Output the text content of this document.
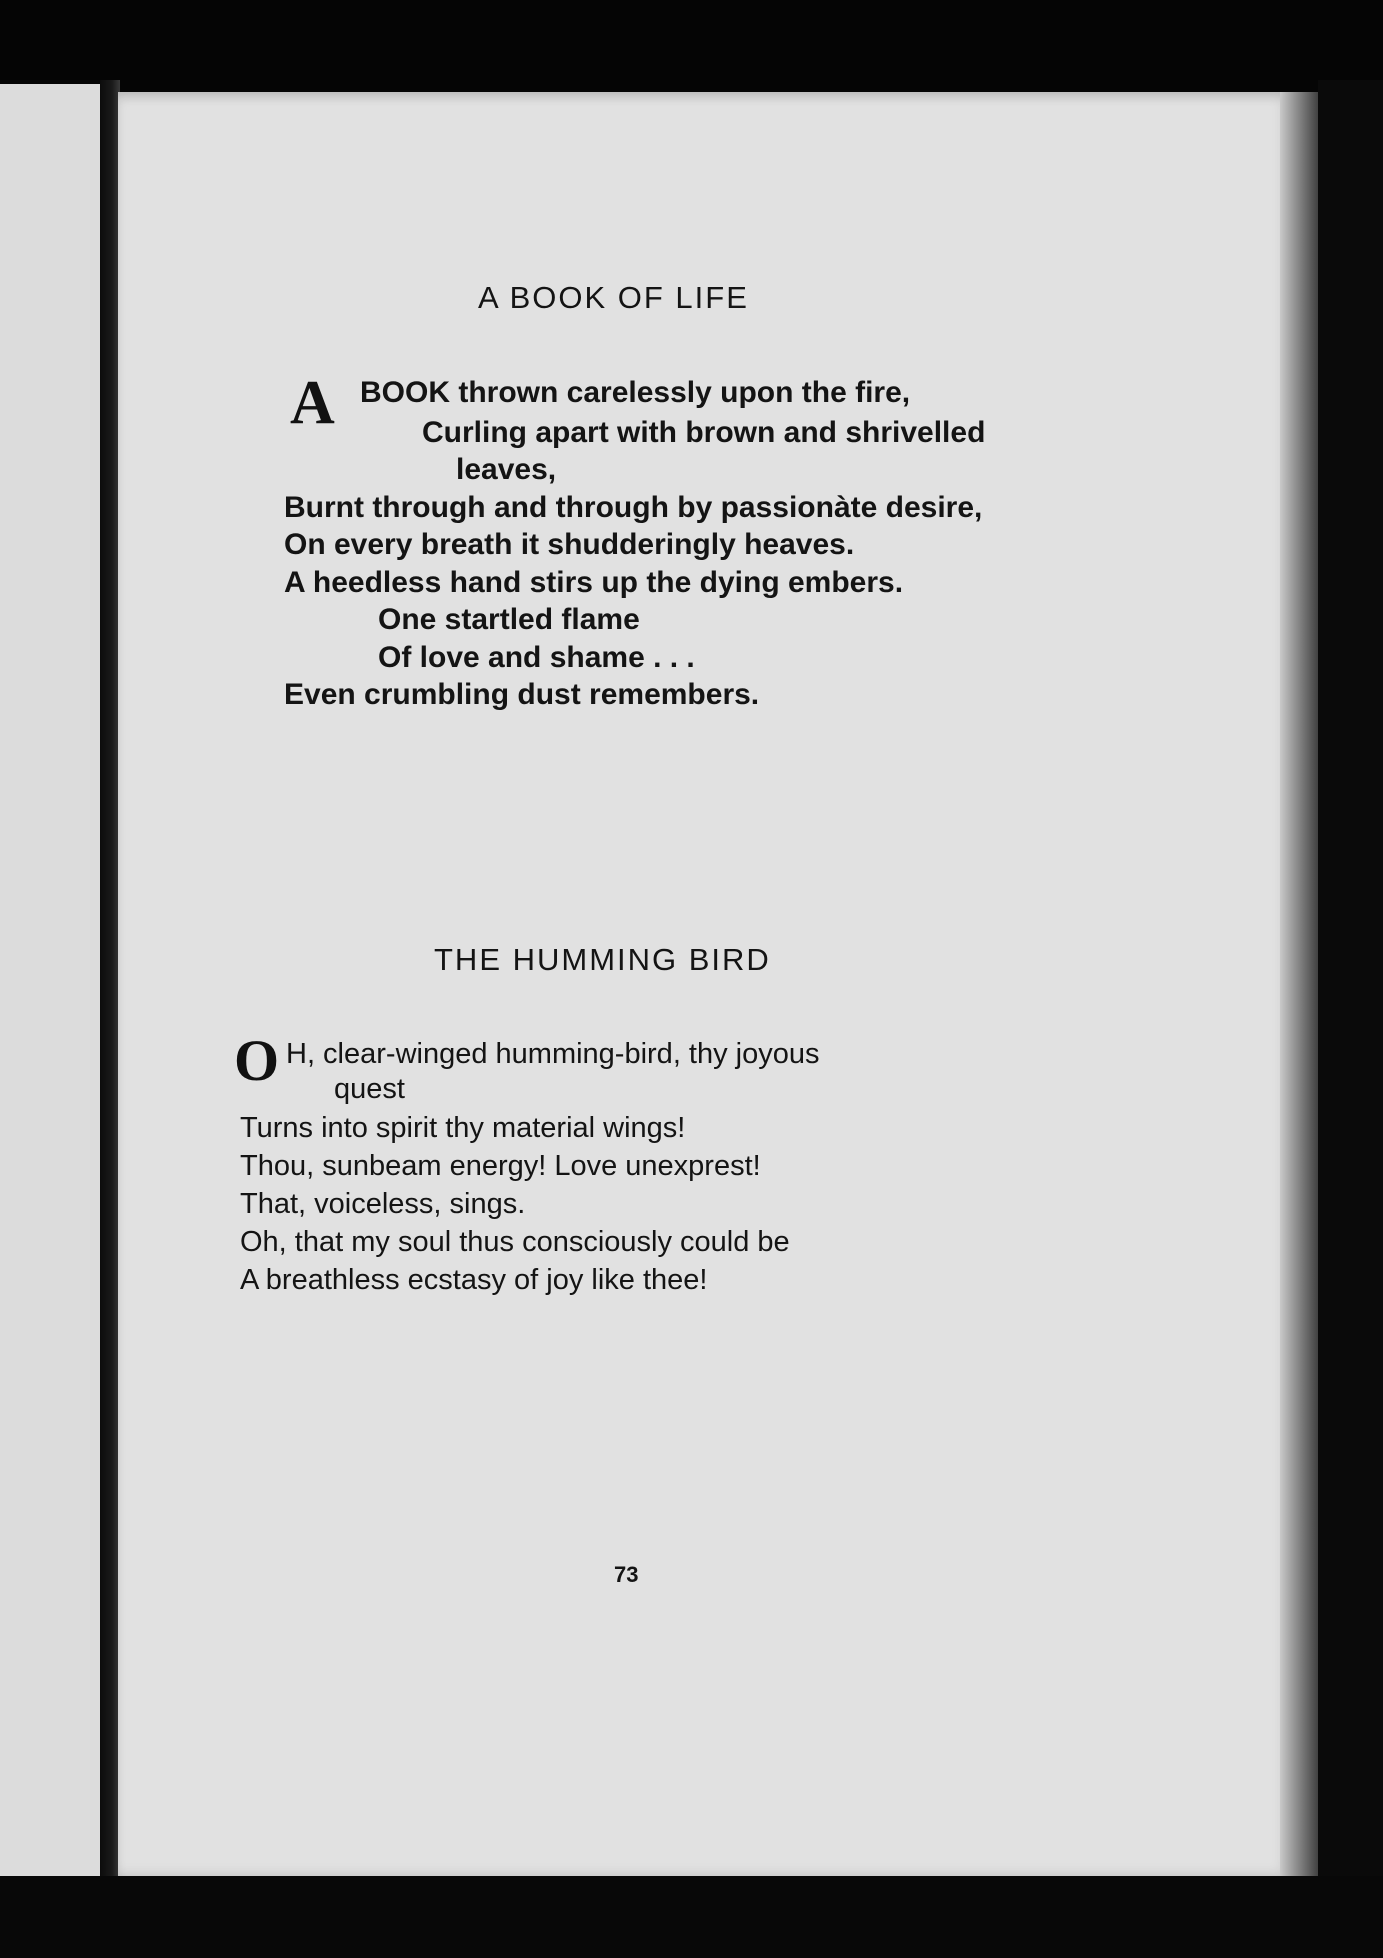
A BOOK OF LIFE
A BOOK thrown carelessly upon the fire,
Curling apart with brown and shrivelled
leaves,
Burnt through and through by passionàte desire,
On every breath it shudderingly heaves.
A heedless hand stirs up the dying embers.
One startled flame
Of love and shame . . .
Even crumbling dust remembers.
THE HUMMING BIRD
O H, clear-winged humming-bird, thy joyous
quest
Turns into spirit thy material wings!
Thou, sunbeam energy! Love unexprest!
That, voiceless, sings.
Oh, that my soul thus consciously could be
A breathless ecstasy of joy like thee!
73
